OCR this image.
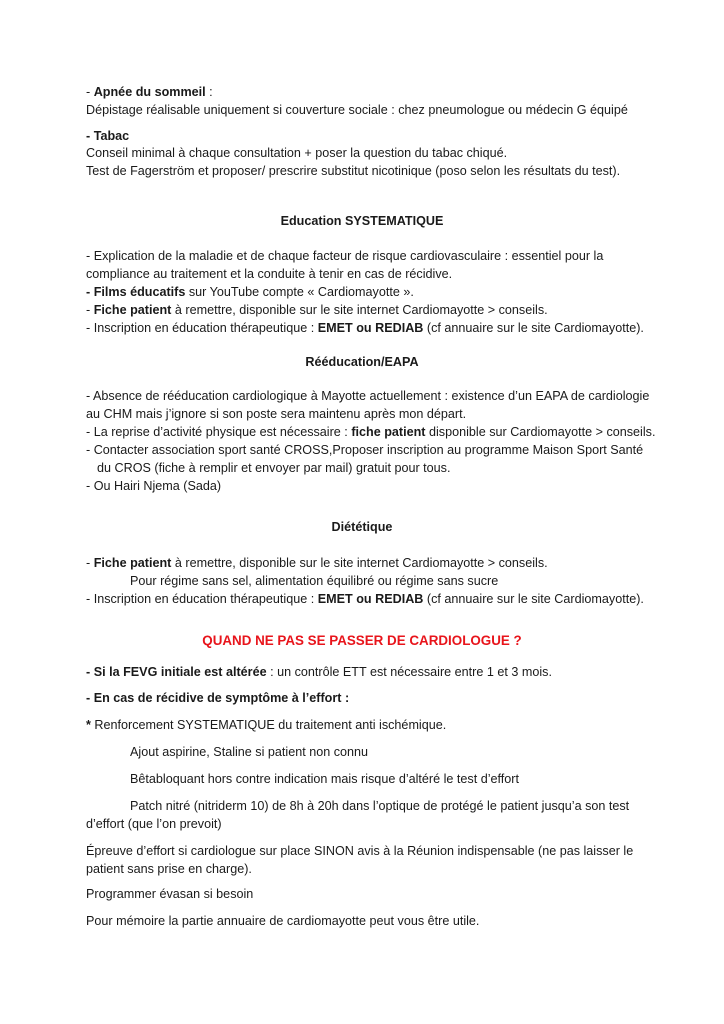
- Apnée du sommeil :
Dépistage réalisable uniquement si couverture sociale : chez pneumologue ou médecin G équipé
- Tabac
Conseil minimal à chaque consultation + poser la question du tabac chiqué.
Test de Fagerström et proposer/ prescrire substitut nicotinique (poso selon les résultats du test).
Education SYSTEMATIQUE
- Explication de la maladie et de chaque facteur de risque cardiovasculaire : essentiel pour la
compliance au traitement et la conduite à tenir en cas de récidive.
- Films éducatifs sur YouTube compte « Cardiomayotte ».
- Fiche patient à remettre, disponible sur le site internet Cardiomayotte > conseils.
- Inscription en éducation thérapeutique : EMET ou REDIAB (cf annuaire sur le site Cardiomayotte).
Rééducation/EAPA
- Absence de rééducation cardiologique à Mayotte actuellement : existence d’un EAPA de cardiologie
au CHM mais j’ignore si son poste sera maintenu après mon départ.
- La reprise d’activité physique est nécessaire : fiche patient disponible sur Cardiomayotte > conseils.
- Contacter association sport santé CROSS,Proposer inscription au programme Maison Sport Santé
du CROS (fiche à remplir et envoyer par mail) gratuit pour tous.
- Ou Hairi Njema (Sada)
Diététique
- Fiche patient à remettre, disponible sur le site internet Cardiomayotte > conseils.
Pour régime sans sel, alimentation équilibré ou régime sans sucre
- Inscription en éducation thérapeutique : EMET ou REDIAB (cf annuaire sur le site Cardiomayotte).
QUAND NE PAS SE PASSER DE CARDIOLOGUE ?
- Si la FEVG initiale est altérée : un contrôle ETT est nécessaire entre 1 et 3 mois.
- En cas de récidive de symptôme à l’effort :
* Renforcement SYSTEMATIQUE du traitement anti ischémique.
Ajout aspirine, Staline si patient non connu
Bêtabloquant hors contre indication mais risque d’altéré le test d’effort
Patch nitré (nitriderm 10) de 8h à 20h dans l’optique de protégé le patient jusqu’a son test
d’effort (que l’on prevoit)
Épreuve d’effort si cardiologue sur place SINON avis à la Réunion indispensable (ne pas laisser le
patient sans prise en charge).
Programmer évasan si besoin
Pour mémoire la partie annuaire de cardiomayotte peut vous être utile.
